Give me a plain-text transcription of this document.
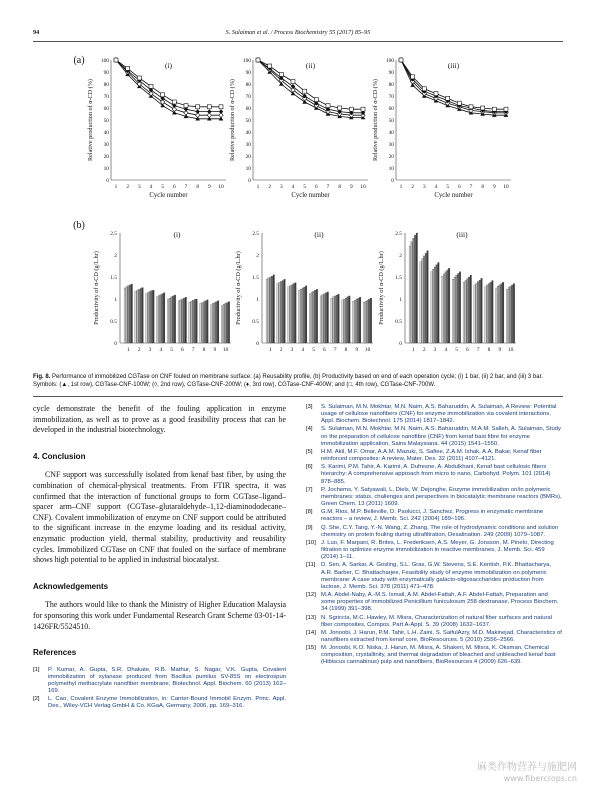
94	S. Sulaiman et al. / Process Biochemistry 55 (2017) 85–95
(a)
(b)
Relative production of α-CD (%)
0
10
20
30
40
50
60
70
80
90
100
1 2 3 4 5 6 7 8 9 10
Cycle number
(i)
Relative production of α-CD (%)
0
10
20
30
40
50
60
70
80
90
100
1 2 3 4 5 6 7 8 9 10
Cycle number
(ii)
Relative production of α-CD (%)
0
10
20
30
40
50
60
70
80
90
100
1 2 3 4 5 6 7 8 9 10
Cycle number
(iii)
Productivity of α-CD (g/L.hr)
0
0.5
1
1.5
2
2.5	(i)
1 2 3 4 5 6 7 8 9 10
Productivity of α-CD (g/L.hr)
0
0.5
1
1.5
2
2.5	(ii)
1 2 3 4 5 6 7 8 9 10
Productivity of α-CD (g/L.hr)
0
0.5
1
1.5
2
2.5	(iii)
1 2 3 4 5 6 7 8 9 10
Fig. 8. Performance of immobilized CGTase on CNF fouled on membrane surface: (a) Reusability profile, (b) Productivity based on end of each operation cycle; (i) 1 bar, (ii) 2 bar, and (iii) 3 bar. Symbols: (▲, 1st row), CGTase-CNF-100W; (◊, 2nd row), CGTase-CNF-200W; (♦, 3rd row), CGTase-CNF-400W; and (□, 4th row), CGTase-CNF-700W.

cycle demonstrate the benefit of the fouling application in enzyme immobilization, as well as to prove as a good feasibility process that can be developed in the industrial biotechnology.

4. Conclusion

CNF support was successfully isolated from kenaf bast fiber, by using the combination of chemical-physical treatments. From FTIR spectra, it was confirmed that the interaction of functional groups to form CGTase–ligand–spacer arm–CNF support (CGTase–glutaraldehyde–1,12-diaminododecane–CNF). Covalent immobilization of enzyme on CNF support could be attributed to the significant increase in the enzyme loading and its residual activity, enzymatic production yield, thermal stability, productivity and reusability cycles. Immobilized CGTase on CNF that fouled on the surface of membrane shows high potential to be applied in industrial biocatalyst.

Acknowledgements

The authors would like to thank the Ministry of Higher Education Malaysia for sponsoring this work under Fundamental Research Grant Scheme 03-01-14-1426FR/5524510.

References
[1]	P. Kumar, A. Gupta, S.R. Dhakate, R.B. Mathur, S. Nagar, V.K. Gupta, Covalent immobilization of xylanase produced from Bacillus pumilus SV-85S on electrospun polymethyl methacrylate nanofiber membrane, Biotechnol. Appl. Biochem. 60 (2013) 162–169.
[2]	L. Cao, Covalent Enzyme Immobilization, in: Carrier-Bound Immobil Enzym. Princ. Appl. Des., Wiley-VCH Verlag GmbH & Co. KGaA, Germany, 2006, pp. 169–316.
[3]	S. Sulaiman, M.N. Mokhtar, M.N. Naim, A.S. Baharuddin, A. Sulaiman, A Review: Potential usage of cellulose nanofibers (CNF) for enzyme immobilization via covalent interactions, Appl. Biochem. Biotechnol. 175 (2014) 1817–1842.
[4]	S. Sulaiman, M.N. Mokhtar, M.N. Naim, A.S. Baharuddin, M.A.M. Salleh, A. Sulaiman, Study on the preparation of cellulose nanofibre (CNF) from kenaf bast fibre for enzyme immobilization application, Sains Malaysiana. 44 (2015) 1541–1550.
[5]	H.M. Akil, M.F. Omar, A.A.M. Mazuki, S. Safiee, Z.A.M. Ishak, A.A. Bakar, Kenaf fiber reinforced composites: A review, Mater. Des. 32 (2011) 4107–4121.
[6]	S. Karimi, P.M. Tahir, A. Karimi, A. Dufresne, A. Abdulkhani, Kenaf bast cellulosic fibers hierarchy: A comprehensive approach from micro to nano, Carbohyd. Polym. 101 (2014) 878–885.
[7]	P. Jochems, Y. Satyawali, L. Diels, W. Dejonghe, Enzyme immobilization on/in polymeric membranes: status, challenges and perspectives in biocatalytic membrane reactors (BMRs), Green Chem. 13 (2011) 1609.
[8]	G.M. Rios, M.P. Belleville, D. Paolucci, J. Sanchez, Progress in enzymatic membrane reactors – a review, J. Memb. Sci. 242 (2004) 189–196.
[9]	Q. She, C.Y. Tang, Y.-N. Wang, Z. Zhang, The role of hydrodynamic conditions and solution chemistry on protein fouling during ultrafiltration, Desalination. 249 (2009) 1079–1087.
[10] J. Luo, F. Marpani, R. Brites, L. Frederiksen, A.S. Meyer, G. Jonsson, M. Pinelo, Directing filtration to optimize enzyme immobilization in reactive membranes, J. Memb. Sci. 459 (2014) 1–11.
[11] D. Sen, A. Sarkar, A. Gosling, S.L. Gras, G.W. Stevens, S.E. Kentish, P.K. Bhattacharya, A.R. Barber, C. Bhattacharjee, Feasibility study of enzyme immobilization on polymeric membrane: A case study with enzymatically galacto-oligosaccharides production from lactose, J. Memb. Sci. 378 (2011) 471–478.
[12] M.A. Abdel-Naby, A.-M.S. Ismail, A.M. Abdel-Fattah, A.F. Abdel-Fattah, Preparation and some properties of immobilized Penicillium funiculosum 258 dextranase, Process Biochem. 34 (1999) 391–398.
[13] N. Sgriccia, M.C. Hawley, M. Misra, Characterization of natural fiber surfaces and natural fiber composites, Compos. Part A-Appl. S. 39 (2008) 1632–1637.
[14] M. Jonoobi, J. Harun, P.M. Tahir, L.H. Zaini, S. SaifulAzry, M.D. Makinejad, Characteristics of nanofibers extracted from kenaf core, BioResources. 5 (2010) 2556–2566.
[15] M. Jonoobi, K.O. Niska, J. Harun, M. Misra, A. Shakeri, M. Misra, K. Oksman, Chemical composition, crystallinity, and thermal degradation of bleached and unbleached kenaf bast (Hibiscus cannabinus) pulp and nanofibers, BioResources 4 (2009) 626–639.
麻类作物营养与施肥网
www.fibercrops.cn
